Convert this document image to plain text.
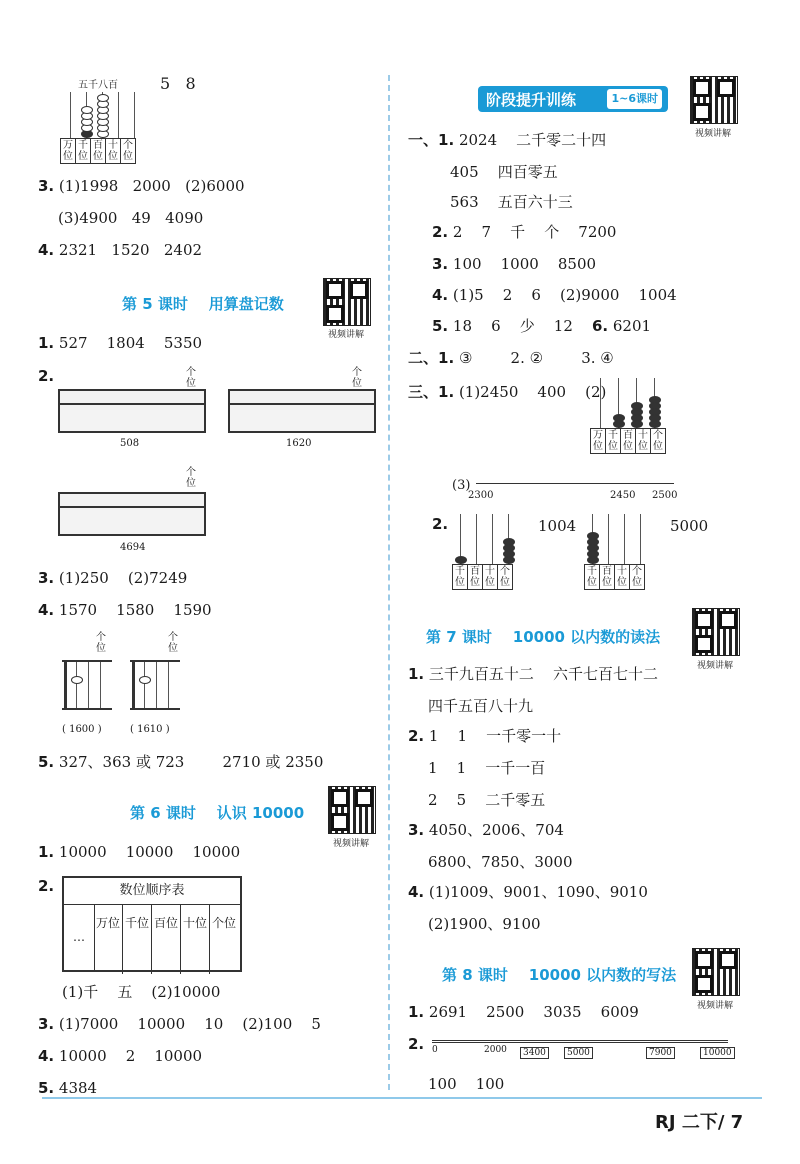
五千八百	5   8
万位	千位	百位	十位	个位
3. (1)1998   2000   (2)6000
(3)4900   49   4090
4. 2321   1520   2402
第 5 课时    用算盘记数
视频讲解
1. 527    1804    5350
2.	个
位
508
个
位
1620
个
位
4694
3. (1)250    (2)7249
4. 1570    1580    1590
个
位
( 1600 )
个
位
( 1610 )
5. 327、363 或 723        2710 或 2350
第 6 课时    认识 10000
视频讲解
1. 10000    10000    10000
2.	数位顺序表
…
万位 千位 百位 十位 个位
(1)千    五    (2)10000
3. (1)7000    10000    10    (2)100    5
4. 10000    2    10000
5. 4384
阶段提升训练	1~6课时
视频讲解
一、1. 2024    二千零二十四
405    四百零五
563    五百六十三
2. 2    7    千    个    7200
3. 100    1000    8500
4. (1)5    2    6    (2)9000    1004
5. 18    6    少    12 6. 6201
二、1. ③        2. ②        3. ④
三、1. (1)2450    400    (2)
万位	千位	百位	十位	个位
(3)
2300	2450 2500
2.
千位	百位	十位	个位
1004
千位	百位	十位	个位
5000
第 7 课时    10000 以内数的读法
视频讲解
1. 三千九百五十二    六千七百七十二
四千五百八十九
2. 1    1    一千零一十
1    1    一千一百
2    5    二千零五
3. 4050、2006、704
6800、7850、3000
4. (1)1009、9001、1090、9010
(2)1900、9100
第 8 课时    10000 以内数的写法
视频讲解
1. 2691    2500    3035    6009
2. 0	2000	3400	5000	7900	10000
100    100
RJ 二下/ 7
